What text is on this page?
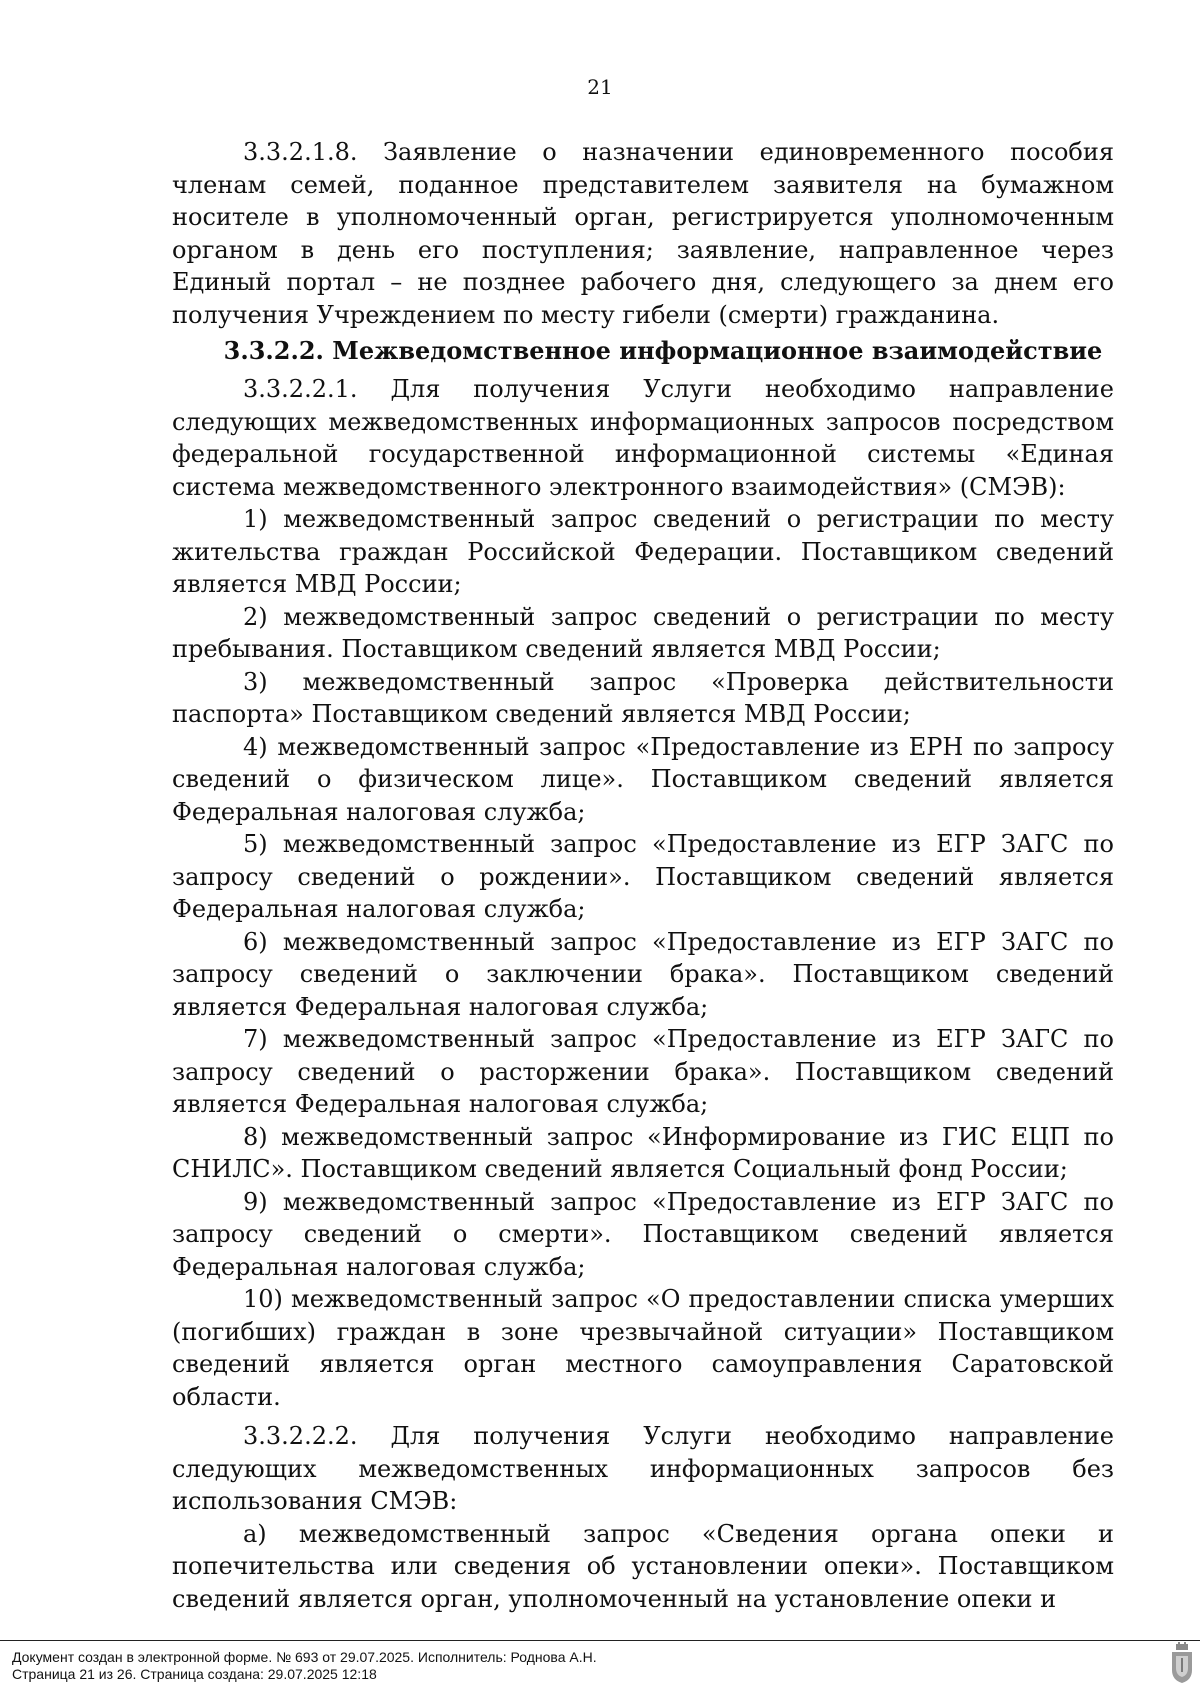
21

3.3.2.1.8. Заявление о назначении единовременного пособия членам семей, поданное представителем заявителя на бумажном носителе в уполномоченный орган, регистрируется уполномоченным органом в день его поступления; заявление, направленное через Единый портал – не позднее рабочего дня, следующего за днем его получения Учреждением по месту гибели (смерти) гражданина.

3.3.2.2. Межведомственное информационное взаимодействие

3.3.2.2.1. Для получения Услуги необходимо направление следующих межведомственных информационных запросов посредством федеральной государственной информационной системы «Единая система межведомственного электронного взаимодействия» (СМЭВ):

1) межведомственный запрос сведений о регистрации по месту жительства граждан Российской Федерации. Поставщиком сведений является МВД России;

2) межведомственный запрос сведений о регистрации по месту пребывания. Поставщиком сведений является МВД России;

3) межведомственный запрос «Проверка действительности паспорта» Поставщиком сведений является МВД России;

4) межведомственный запрос «Предоставление из ЕРН по запросу сведений о физическом лице». Поставщиком сведений является Федеральная налоговая служба;

5) межведомственный запрос «Предоставление из ЕГР ЗАГС по запросу сведений о рождении». Поставщиком сведений является Федеральная налоговая служба;

6) межведомственный запрос «Предоставление из ЕГР ЗАГС по запросу сведений о заключении брака». Поставщиком сведений является Федеральная налоговая служба;

7) межведомственный запрос «Предоставление из ЕГР ЗАГС по запросу сведений о расторжении брака». Поставщиком сведений является Федеральная налоговая служба;

8) межведомственный запрос «Информирование из ГИС ЕЦП по СНИЛС». Поставщиком сведений является Социальный фонд России;

9) межведомственный запрос «Предоставление из ЕГР ЗАГС по запросу сведений о смерти». Поставщиком сведений является Федеральная налоговая служба;

10) межведомственный запрос «О предоставлении списка умерших (погибших) граждан в зоне чрезвычайной ситуации» Поставщиком сведений является орган местного самоуправления Саратовской области.

3.3.2.2.2. Для получения Услуги необходимо направление следующих межведомственных информационных запросов без использования СМЭВ:

а) межведомственный запрос «Сведения органа опеки и попечительства или сведения об установлении опеки». Поставщиком сведений является орган, уполномоченный на установление опеки и

Документ создан в электронной форме. № 693 от 29.07.2025. Исполнитель: Роднова А.Н.
Страница 21 из 26. Страница создана: 29.07.2025 12:18
